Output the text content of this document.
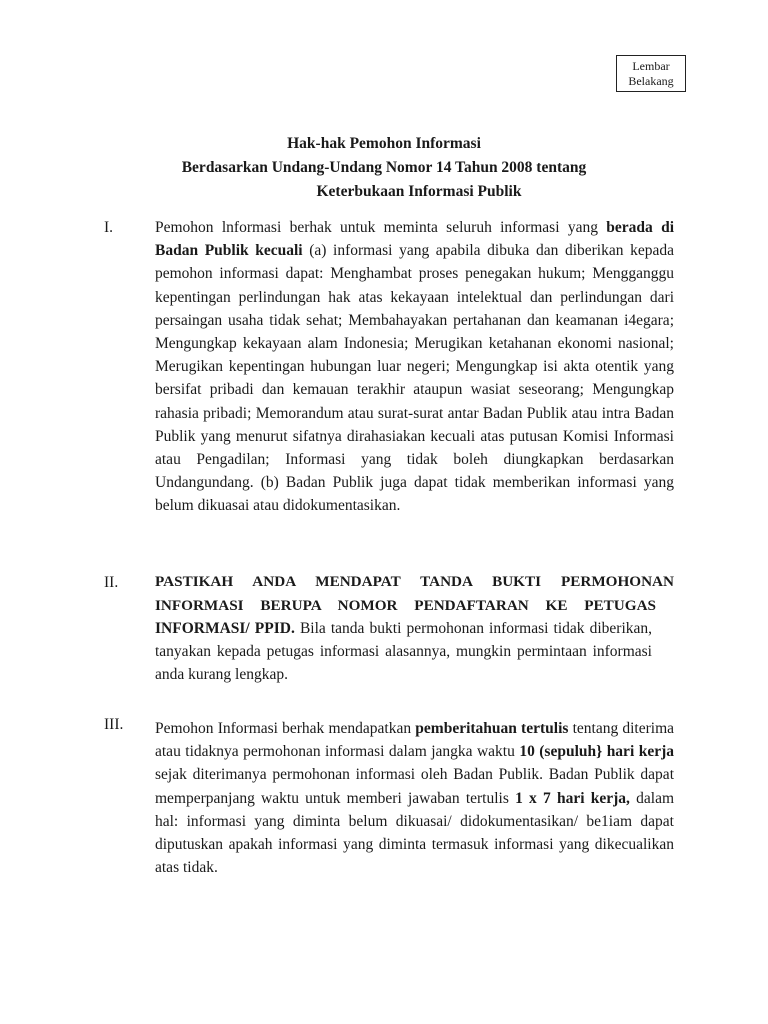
Lembar
Belakang
Hak-hak Pemohon Informasi
Berdasarkan Undang-Undang Nomor 14 Tahun 2008 tentang
Keterbukaan Informasi Publik
I.	Pemohon lnformasi berhak untuk meminta seluruh informasi yang berada di Badan Publik kecuali (a) informasi yang apabila dibuka dan diberikan kepada pemohon informasi dapat: Menghambat proses penegakan hukum; Mengganggu kepentingan perlindungan hak atas kekayaan intelektual dan perlindungan dari persaingan usaha tidak sehat; Membahayakan pertahanan dan keamanan i4egara; Mengungkap kekayaan alam Indonesia; Merugikan ketahanan ekonomi nasional; Merugikan kepentingan hubungan luar negeri; Mengungkap isi akta otentik yang bersifat pribadi dan kemauan terakhir ataupun wasiat seseorang; Mengungkap rahasia pribadi; Memorandum atau surat-surat antar Badan Publik atau intra Badan Publik yang menurut sifatnya dirahasiakan kecuali atas putusan Komisi Informasi atau Pengadilan; Informasi yang tidak boleh diungkapkan berdasarkan Undangundang. (b) Badan Publik juga dapat tidak memberikan informasi yang belum dikuasai atau didokumentasikan.
II. PASTIKAH ANDA MENDAPAT TANDA BUKTI PERMOHONAN
INFORMASI BERUPA NOMOR PENDAFTARAN KE PETUGAS
INFORMASI/ PPID. Bila tanda bukti permohonan informasi tidak diberikan, tanyakan kepada petugas informasi alasannya, mungkin permintaan informasi anda kurang lengkap.
III. Pemohon Informasi berhak mendapatkan pemberitahuan tertulis tentang diterima atau tidaknya permohonan informasi dalam jangka waktu 10 (sepuluh} hari kerja sejak diterimanya permohonan informasi oleh Badan Publik. Badan Publik dapat memperpanjang waktu untuk memberi jawaban tertulis 1 x 7 hari kerja, dalam hal: informasi yang diminta belum dikuasai/ didokumentasikan/ be1iam dapat diputuskan apakah informasi yang diminta termasuk informasi yang dikecualikan atas tidak.
